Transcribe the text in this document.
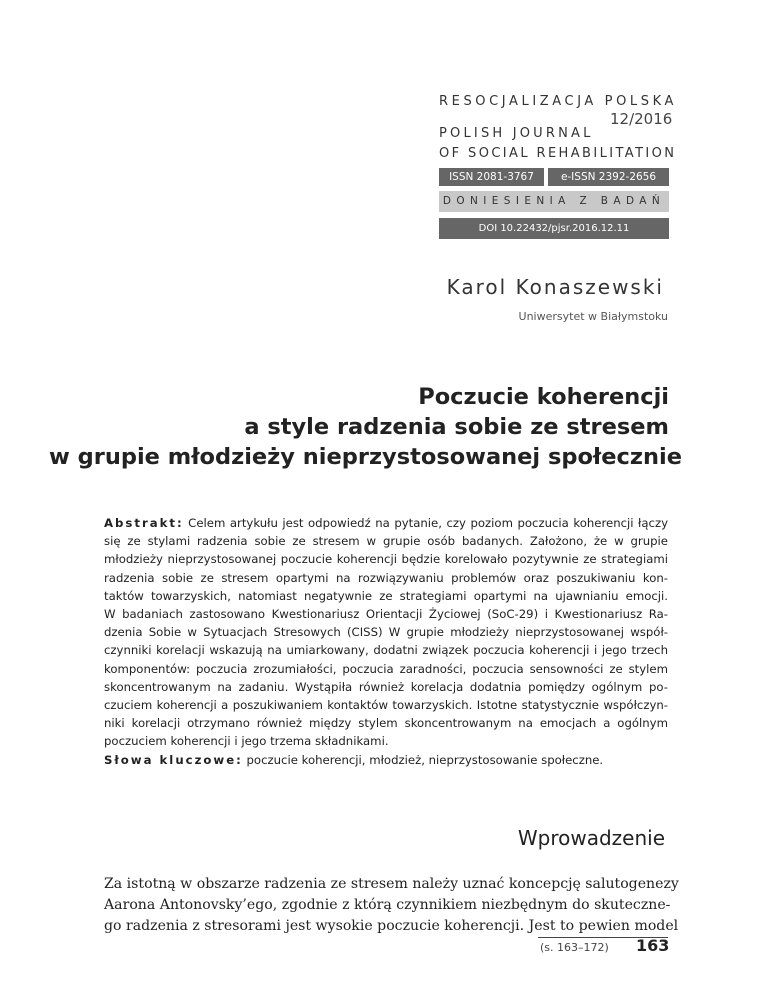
RESOCJALIZACJA POLSKA
12/2016
POLISH JOURNAL
OF SOCIAL REHABILITATION
ISSN 2081-3767	e-ISSN 2392-2656
DONIESIENIA Z BADAŃ
DOI 10.22432/pjsr.2016.12.11
Karol Konaszewski
Uniwersytet w Białymstoku
Poczucie koherencji
a style radzenia sobie ze stresem
w grupie młodzieży nieprzystosowanej społecznie
Abstrakt: Celem artykułu jest odpowiedź na pytanie, czy poziom poczucia koherencji łączy
się ze stylami radzenia sobie ze stresem w grupie osób badanych. Założono, że w grupie
młodzieży nieprzystosowanej poczucie koherencji będzie korelowało pozytywnie ze strategiami
radzenia sobie ze stresem opartymi na rozwiązywaniu problemów oraz poszukiwaniu kon-
taktów towarzyskich, natomiast negatywnie ze strategiami opartymi na ujawnianiu emocji.
W badaniach zastosowano Kwestionariusz Orientacji Życiowej (SoC-29) i Kwestionariusz Ra-
dzenia Sobie w Sytuacjach Stresowych (CISS) W grupie młodzieży nieprzystosowanej współ-
czynniki korelacji wskazują na umiarkowany, dodatni związek poczucia koherencji i jego trzech
komponentów: poczucia zrozumiałości, poczucia zaradności, poczucia sensowności ze stylem
skoncentrowanym na zadaniu. Wystąpiła również korelacja dodatnia pomiędzy ogólnym po-
czuciem koherencji a poszukiwaniem kontaktów towarzyskich. Istotne statystycznie współczyn-
niki korelacji otrzymano również między stylem skoncentrowanym na emocjach a ogólnym
poczuciem koherencji i jego trzema składnikami.
Słowa kluczowe: poczucie koherencji, młodzież, nieprzystosowanie społeczne.
Wprowadzenie
Za istotną w obszarze radzenia ze stresem należy uznać koncepcję salutogenezy
Aarona Antonovsky’ego, zgodnie z którą czynnikiem niezbędnym do skuteczne-
go radzenia z stresorami jest wysokie poczucie koherencji. Jest to pewien model
(s. 163–172) 163
